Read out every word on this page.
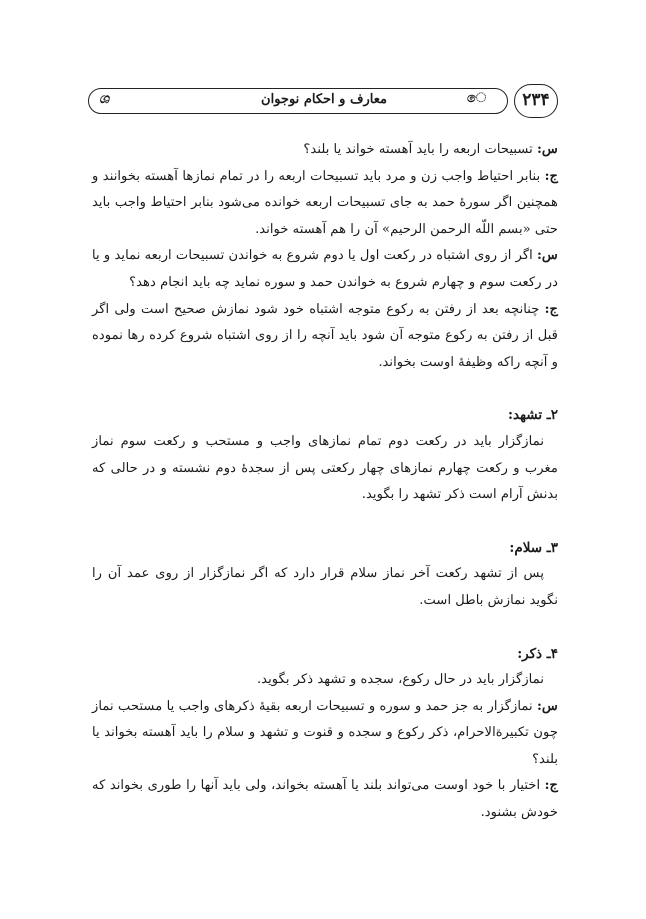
ශ	معارف و احکام نوجوان	ෙ	۲۳۴

س: تسبیحات اربعه را باید آهسته خواند یا بلند؟

ج: بنابر احتیاط واجب زن و مرد باید تسبیحات اربعه را در تمام نمازها آهسته بخوانند و همچنین اگر سورهٔ حمد به جای تسبیحات اربعه خوانده می‌شود بنابر احتیاط واجب باید حتی «بسم اللّه الرحمن الرحیم» آن را هم آهسته خواند.

س: اگر از روی اشتباه در رکعت اول یا دوم شروع به خواندن تسبیحات اربعه نماید و یا در رکعت سوم و چهارم شروع به خواندن حمد و سوره نماید چه باید انجام دهد؟

ج: چنانچه بعد از رفتن به رکوع متوجه اشتباه خود شود نمازش صحیح است ولی اگر قبل از رفتن به رکوع متوجه آن شود باید آنچه را از روی اشتباه شروع کرده رها نموده و آنچه راکه وظیفهٔ اوست بخواند.

۲ـ تشهد:

نمازگزار باید در رکعت دوم تمام نمازهای واجب و مستحب و رکعت سوم نماز مغرب و رکعت چهارم نمازهای چهار رکعتی پس از سجدهٔ دوم نشسته و در حالی که بدنش آرام است ذکر تشهد را بگوید.

۳ـ سلام:

پس از تشهد رکعت آخر نماز سلام قرار دارد که اگر نمازگزار از روی عمد آن را نگوید نمازش باطل است.

۴ـ ذکر:

نمازگزار باید در حال رکوع، سجده و تشهد ذکر بگوید.

س: نمازگزار به جز حمد و سوره و تسبیحات اربعه بقیهٔ ذکرهای واجب یا مستحب نماز چون تکبیرةالاحرام، ذکر رکوع و سجده و قنوت و تشهد و سلام را باید آهسته بخواند یا بلند؟

ج: اختیار با خود اوست می‌تواند بلند یا آهسته بخواند، ولی باید آنها را طوری بخواند که خودش بشنود.
